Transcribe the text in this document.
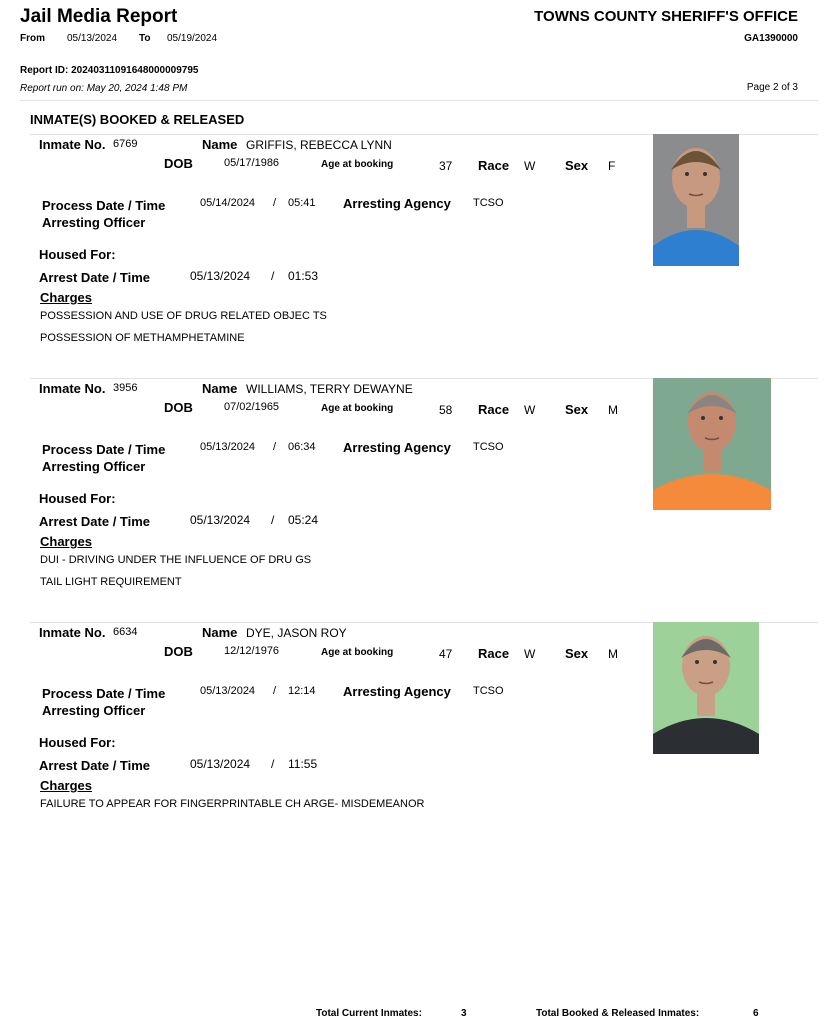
Jail Media Report	TOWNS COUNTY SHERIFF'S OFFICE
GA1390000
From 05/13/2024 To 05/19/2024
Report ID: 20240311091648000009795
Report run on: May 20, 2024 1:48 PM	Page 2 of 3
INMATE(S) BOOKED & RELEASED
Inmate No. 6769	Name GRIFFIS, REBECCA LYNN
DOB	05/17/1986	Age at booking	37 Race W Sex F
Process Date / Time
Arresting Officer
05/14/2024 / 05:41 Arresting Agency TCSO
Housed For:
Arrest Date / Time	05/13/2024 / 01:53
Charges
POSSESSION AND USE OF DRUG RELATED OBJEC TS
POSSESSION OF METHAMPHETAMINE
Inmate No. 3956	Name WILLIAMS, TERRY DEWAYNE
DOB	07/02/1965	Age at booking	58 Race W Sex M
Process Date / Time
Arresting Officer
05/13/2024 / 06:34 Arresting Agency TCSO
Housed For:
Arrest Date / Time	05/13/2024 / 05:24
Charges
DUI - DRIVING UNDER THE INFLUENCE OF DRU GS
TAIL LIGHT REQUIREMENT
Inmate No. 6634	Name DYE, JASON ROY
DOB	12/12/1976	Age at booking	47 Race W Sex M
Process Date / Time
Arresting Officer
05/13/2024 / 12:14 Arresting Agency TCSO
Housed For:
Arrest Date / Time	05/13/2024 / 11:55
Charges
FAILURE TO APPEAR FOR FINGERPRINTABLE CH ARGE- MISDEMEANOR
Total Current Inmates:	3	Total Booked & Released Inmates:	6
